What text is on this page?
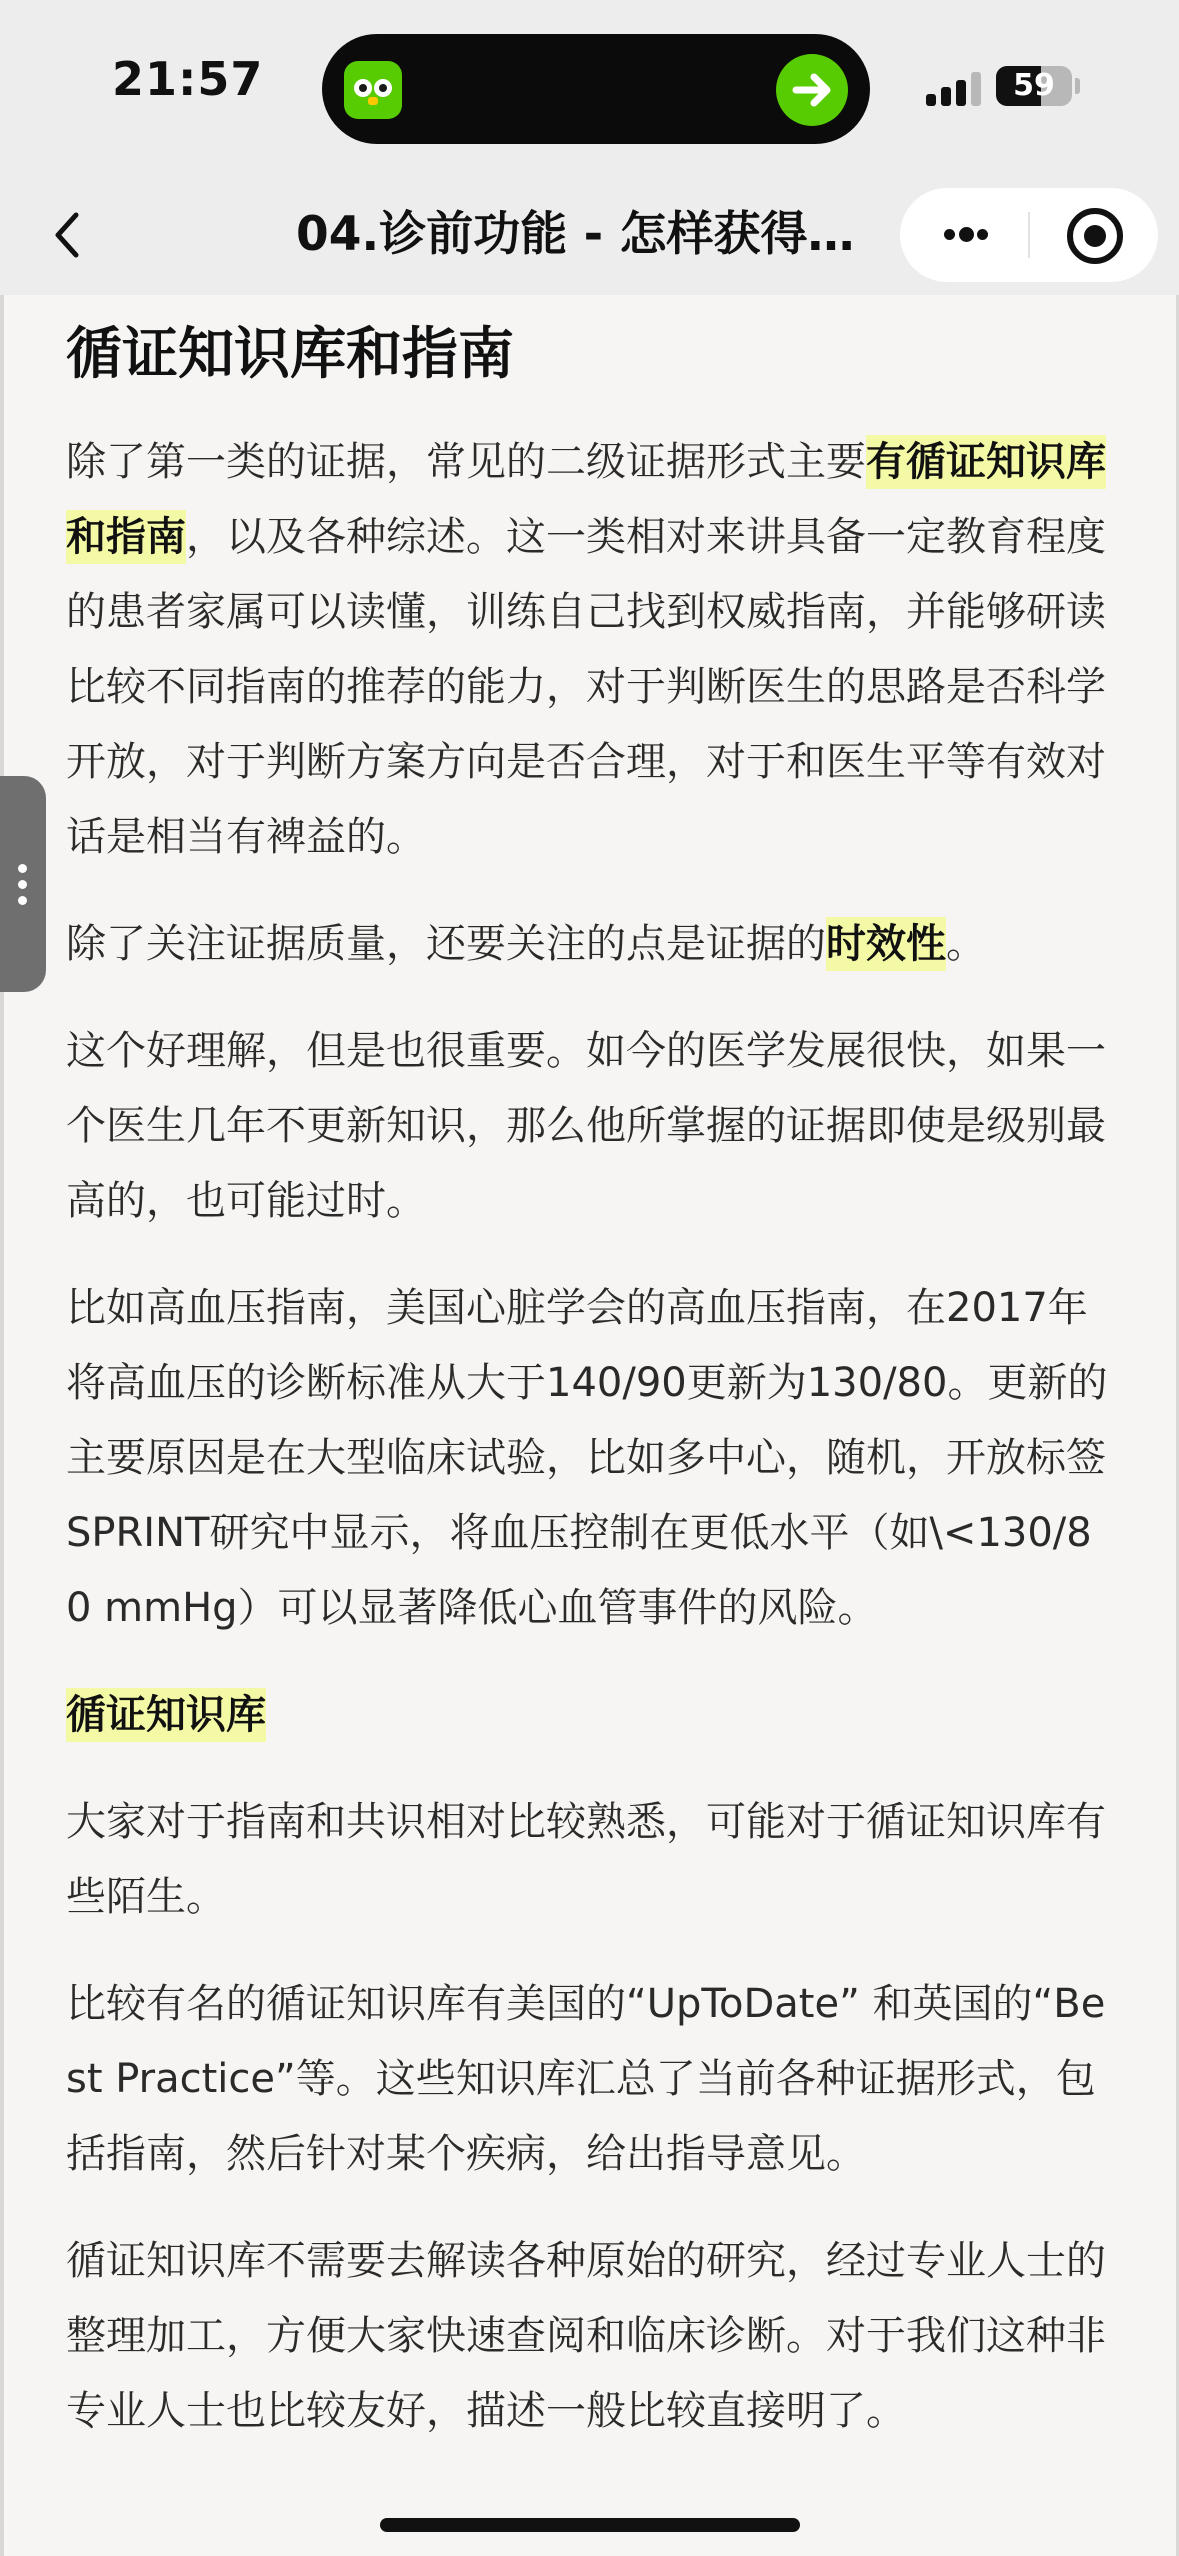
21:57	59
04.诊前功能 - 怎样获得…
循证知识库和指南

除了第一类的证据，常见的二级证据形式主要有循证知识库和指南，以及各种综述。这一类相对来讲具备一定教育程度的患者家属可以读懂，训练自己找到权威指南，并能够研读比较不同指南的推荐的能力，对于判断医生的思路是否科学开放，对于判断方案方向是否合理，对于和医生平等有效对话是相当有裨益的。

除了关注证据质量，还要关注的点是证据的时效性。

这个好理解，但是也很重要。如今的医学发展很快，如果一个医生几年不更新知识，那么他所掌握的证据即使是级别最高的，也可能过时。

比如高血压指南，美国心脏学会的高血压指南，在2017年将高血压的诊断标准从大于140/90更新为130/80。更新的主要原因是在大型临床试验，比如多中心，随机，开放标签SPRINT研究中显示，将血压控制在更低水平（如\<130/80 mmHg）可以显著降低心血管事件的风险。

循证知识库

大家对于指南和共识相对比较熟悉，可能对于循证知识库有些陌生。

比较有名的循证知识库有美国的“UpToDate” 和英国的“Best Practice”等。这些知识库汇总了当前各种证据形式，包括指南，然后针对某个疾病，给出指导意见。

循证知识库不需要去解读各种原始的研究，经过专业人士的整理加工，方便大家快速查阅和临床诊断。对于我们这种非专业人士也比较友好，描述一般比较直接明了。
